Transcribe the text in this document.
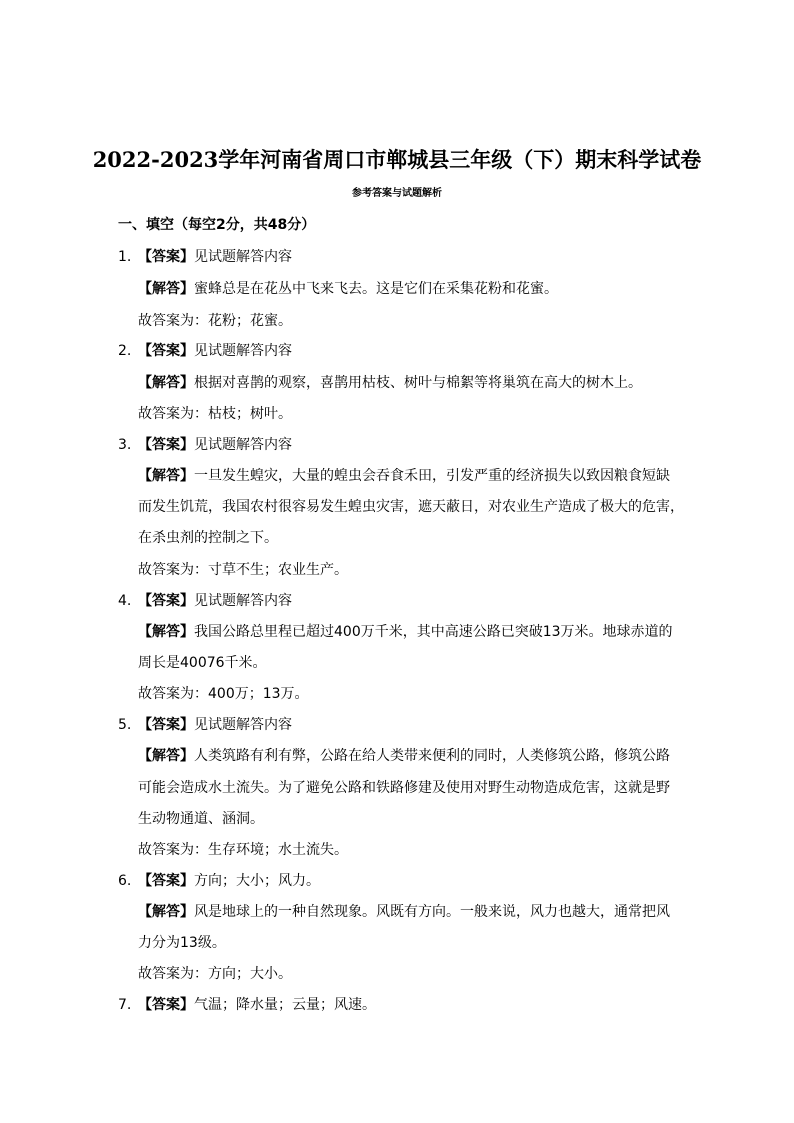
2022-2023学年河南省周口市郸城县三年级（下）期末科学试卷
参考答案与试题解析
一、填空（每空2分，共48分）
1. 【答案】见试题解答内容
【解答】蜜蜂总是在花丛中飞来飞去。这是它们在采集花粉和花蜜。
故答案为：花粉；花蜜。
2. 【答案】见试题解答内容
【解答】根据对喜鹊的观察，喜鹊用枯枝、树叶与棉絮等将巢筑在高大的树木上。
故答案为：枯枝；树叶。
3. 【答案】见试题解答内容
【解答】一旦发生蝗灾，大量的蝗虫会吞食禾田，引发严重的经济损失以致因粮食短缺
而发生饥荒，我国农村很容易发生蝗虫灾害，遮天蔽日，对农业生产造成了极大的危害，
在杀虫剂的控制之下。
故答案为：寸草不生；农业生产。
4. 【答案】见试题解答内容
【解答】我国公路总里程已超过400万千米，其中高速公路已突破13万米。地球赤道的
周长是40076千米。
故答案为：400万；13万。
5. 【答案】见试题解答内容
【解答】人类筑路有利有弊，公路在给人类带来便利的同时，人类修筑公路，修筑公路
可能会造成水土流失。为了避免公路和铁路修建及使用对野生动物造成危害，这就是野
生动物通道、涵洞。
故答案为：生存环境；水土流失。
6. 【答案】方向；大小；风力。
【解答】风是地球上的一种自然现象。风既有方向。一般来说，风力也越大，通常把风
力分为13级。
故答案为：方向；大小。
7. 【答案】气温；降水量；云量；风速。
